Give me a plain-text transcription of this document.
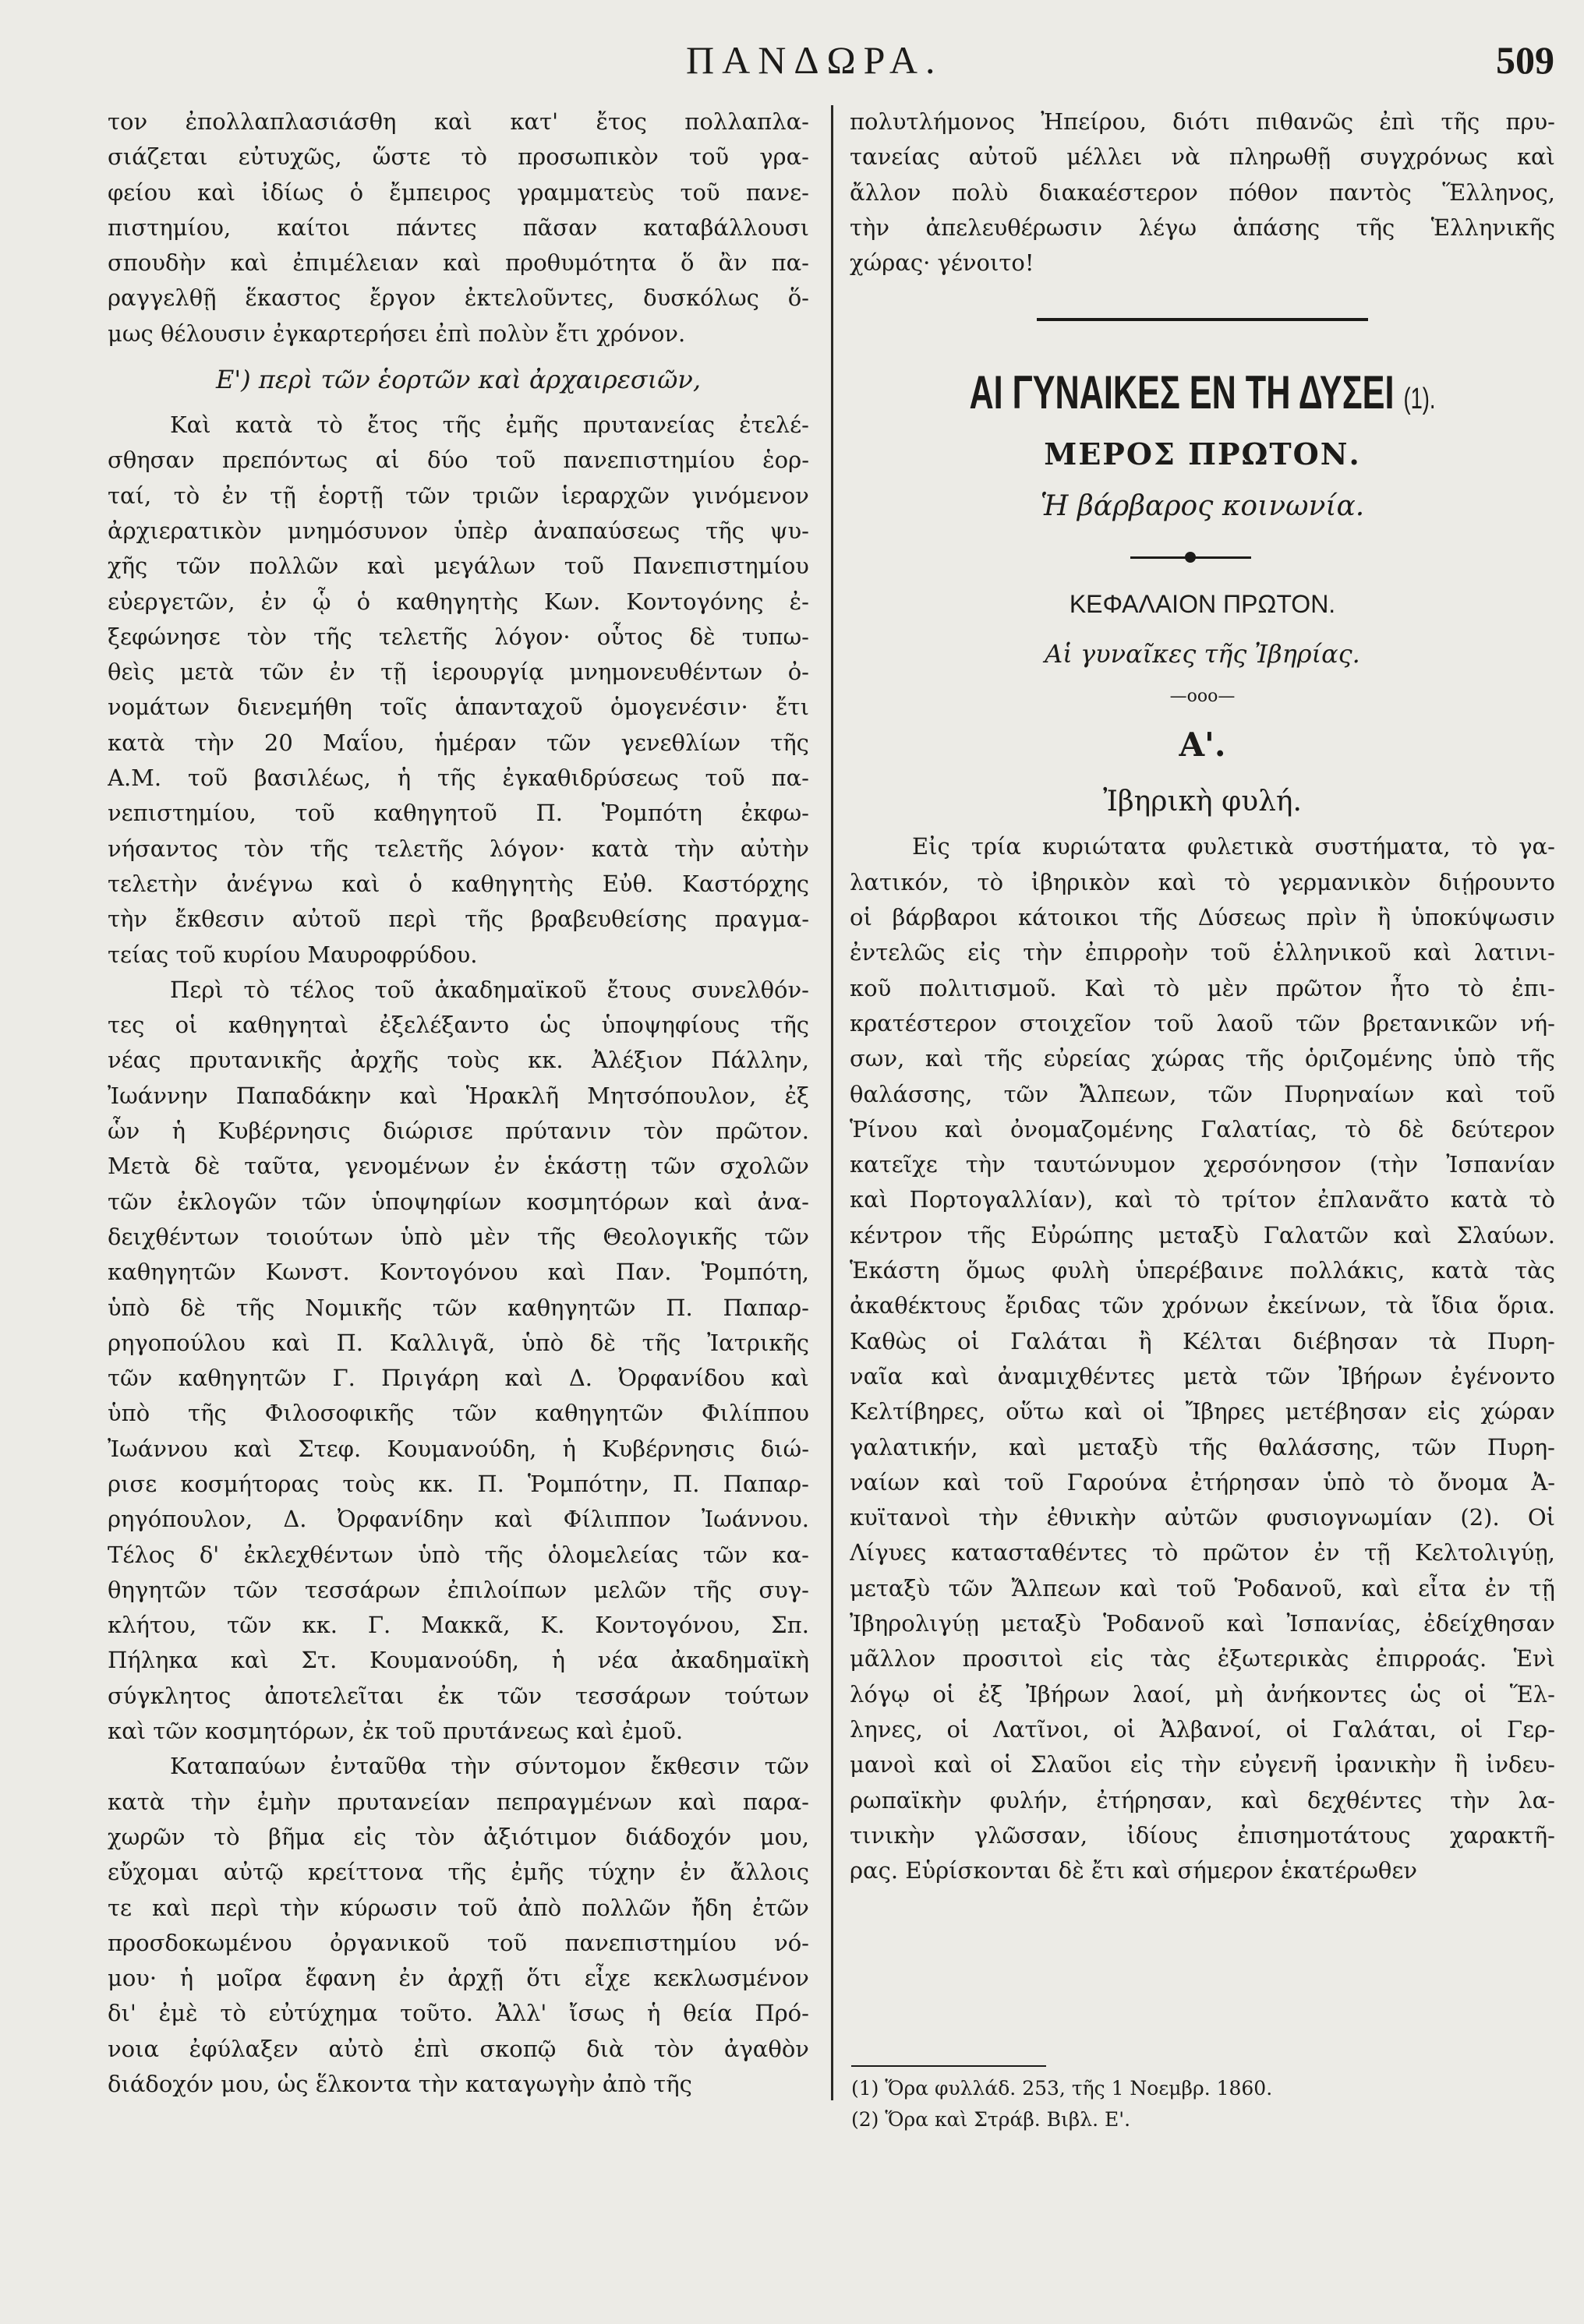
ΠΑΝΔΩΡΑ.	509
τον ἐπολλαπλασιάσθη καὶ κατ' ἔτος πολλαπλα-
σιάζεται εὐτυχῶς, ὥστε τὸ προσωπικὸν τοῦ γρα-
φείου καὶ ἰδίως ὁ ἔμπειρος γραμματεὺς τοῦ πανε-
πιστημίου, καίτοι πάντες πᾶσαν καταβάλλουσι
σπουδὴν καὶ ἐπιμέλειαν καὶ προθυμότητα ὅ ἂν πα-
ραγγελθῇ ἕκαστος ἔργον ἐκτελοῦντες, δυσκόλως ὅ-
μως θέλουσιν ἐγκαρτερήσει ἐπὶ πολὺν ἔτι χρόνον.
Ε') περὶ τῶν ἑορτῶν καὶ ἀρχαιρεσιῶν,
Καὶ κατὰ τὸ ἔτος τῆς ἐμῆς πρυτανείας ἐτελέ-
σθησαν πρεπόντως αἱ δύο τοῦ πανεπιστημίου ἑορ-
ταί, τὸ ἐν τῇ ἑορτῇ τῶν τριῶν ἱεραρχῶν γινόμενον
ἀρχιερατικὸν μνημόσυνον ὑπὲρ ἀναπαύσεως τῆς ψυ-
χῆς τῶν πολλῶν καὶ μεγάλων τοῦ Πανεπιστημίου
εὐεργετῶν, ἐν ᾧ ὁ καθηγητὴς Κων. Κοντογόνης ἐ-
ξεφώνησε τὸν τῆς τελετῆς λόγον· οὗτος δὲ τυπω-
θεὶς μετὰ τῶν ἐν τῇ ἱερουργίᾳ μνημονευθέντων ὀ-
νομάτων διενεμήθη τοῖς ἁπανταχοῦ ὁμογενέσιν· ἔτι
κατὰ τὴν 20 Μαΐου, ἡμέραν τῶν γενεθλίων τῆς
Α.Μ. τοῦ βασιλέως, ἡ τῆς ἐγκαθιδρύσεως τοῦ πα-
νεπιστημίου, τοῦ καθηγητοῦ Π. Ῥομπότη ἐκφω-
νήσαντος τὸν τῆς τελετῆς λόγον· κατὰ τὴν αὐτὴν
τελετὴν ἀνέγνω καὶ ὁ καθηγητὴς Εὐθ. Καστόρχης
τὴν ἔκθεσιν αὐτοῦ περὶ τῆς βραβευθείσης πραγμα-
τείας τοῦ κυρίου Μαυροφρύδου.
Περὶ τὸ τέλος τοῦ ἀκαδημαϊκοῦ ἔτους συνελθόν-
τες οἱ καθηγηταὶ ἐξελέξαντο ὡς ὑποψηφίους τῆς
νέας πρυτανικῆς ἀρχῆς τοὺς κκ. Ἀλέξιον Πάλλην,
Ἰωάννην Παπαδάκην καὶ Ἡρακλῆ Μητσόπουλον, ἐξ
ὧν ἡ Κυβέρνησις διώρισε πρύτανιν τὸν πρῶτον.
Μετὰ δὲ ταῦτα, γενομένων ἐν ἑκάστῃ τῶν σχολῶν
τῶν ἐκλογῶν τῶν ὑποψηφίων κοσμητόρων καὶ ἀνα-
δειχθέντων τοιούτων ὑπὸ μὲν τῆς Θεολογικῆς τῶν
καθηγητῶν Κωνστ. Κοντογόνου καὶ Παν. Ῥομπότη,
ὑπὸ δὲ τῆς Νομικῆς τῶν καθηγητῶν Π. Παπαρ-
ρηγοπούλου καὶ Π. Καλλιγᾶ, ὑπὸ δὲ τῆς Ἰατρικῆς
τῶν καθηγητῶν Γ. Πριγάρη καὶ Δ. Ὀρφανίδου καὶ
ὑπὸ τῆς Φιλοσοφικῆς τῶν καθηγητῶν Φιλίππου
Ἰωάννου καὶ Στεφ. Κουμανούδη, ἡ Κυβέρνησις διώ-
ρισε κοσμήτορας τοὺς κκ. Π. Ῥομπότην, Π. Παπαρ-
ρηγόπουλον, Δ. Ὀρφανίδην καὶ Φίλιππον Ἰωάννου.
Τέλος δ' ἐκλεχθέντων ὑπὸ τῆς ὁλομελείας τῶν κα-
θηγητῶν τῶν τεσσάρων ἐπιλοίπων μελῶν τῆς συγ-
κλήτου, τῶν κκ. Γ. Μακκᾶ, Κ. Κοντογόνου, Σπ.
Πήληκα καὶ Στ. Κουμανούδη, ἡ νέα ἀκαδημαϊκὴ
σύγκλητος ἀποτελεῖται ἐκ τῶν τεσσάρων τούτων
καὶ τῶν κοσμητόρων, ἐκ τοῦ πρυτάνεως καὶ ἐμοῦ.
Καταπαύων ἐνταῦθα τὴν σύντομον ἔκθεσιν τῶν
κατὰ τὴν ἐμὴν πρυτανείαν πεπραγμένων καὶ παρα-
χωρῶν τὸ βῆμα εἰς τὸν ἀξιότιμον διάδοχόν μου,
εὔχομαι αὐτῷ κρείττονα τῆς ἐμῆς τύχην ἐν ἄλλοις
τε καὶ περὶ τὴν κύρωσιν τοῦ ἀπὸ πολλῶν ἤδη ἐτῶν
προσδοκωμένου ὀργανικοῦ τοῦ πανεπιστημίου νό-
μου· ἡ μοῖρα ἔφανη ἐν ἀρχῇ ὅτι εἶχε κεκλωσμένον
δι' ἐμὲ τὸ εὐτύχημα τοῦτο. Ἀλλ' ἴσως ἡ θεία Πρό-
νοια ἐφύλαξεν αὐτὸ ἐπὶ σκοπῷ διὰ τὸν ἀγαθὸν
διάδοχόν μου, ὡς ἕλκοντα τὴν καταγωγὴν ἀπὸ τῆς
πολυτλήμονος Ἠπείρου, διότι πιθανῶς ἐπὶ τῆς πρυ-
τανείας αὐτοῦ μέλλει νὰ πληρωθῇ συγχρόνως καὶ
ἄλλον πολὺ διακαέστερον πόθον παντὸς Ἕλληνος,
τὴν ἀπελευθέρωσιν λέγω ἁπάσης τῆς Ἑλληνικῆς
χώρας· γένοιτο!
ΑΙ ΓΥΝΑΙΚΕΣ ΕΝ ΤΗ ΔΥΣΕΙ (1).
ΜΕΡΟΣ ΠΡΩΤΟΝ.
Ἡ βάρβαρος κοινωνία.
ΚΕΦΑΛΑΙΟΝ ΠΡΩΤΟΝ.
Αἱ γυναῖκες τῆς Ἰβηρίας.
—ooo—
Α'.
Ἰβηρικὴ φυλή.
Εἰς τρία κυριώτατα φυλετικὰ συστήματα, τὸ γα-
λατικόν, τὸ ἰβηρικὸν καὶ τὸ γερμανικὸν διῄρουντο
οἱ βάρβαροι κάτοικοι τῆς Δύσεως πρὶν ἢ ὑποκύψωσιν
ἐντελῶς εἰς τὴν ἐπιρροὴν τοῦ ἑλληνικοῦ καὶ λατινι-
κοῦ πολιτισμοῦ. Καὶ τὸ μὲν πρῶτον ἦτο τὸ ἐπι-
κρατέστερον στοιχεῖον τοῦ λαοῦ τῶν βρετανικῶν νή-
σων, καὶ τῆς εὐρείας χώρας τῆς ὁριζομένης ὑπὸ τῆς
θαλάσσης, τῶν Ἄλπεων, τῶν Πυρηναίων καὶ τοῦ
Ῥίνου καὶ ὀνομαζομένης Γαλατίας, τὸ δὲ δεύτερον
κατεῖχε τὴν ταυτώνυμον χερσόνησον (τὴν Ἰσπανίαν
καὶ Πορτογαλλίαν), καὶ τὸ τρίτον ἐπλανᾶτο κατὰ τὸ
κέντρον τῆς Εὐρώπης μεταξὺ Γαλατῶν καὶ Σλαύων.
Ἑκάστη ὅμως φυλὴ ὑπερέβαινε πολλάκις, κατὰ τὰς
ἀκαθέκτους ἔριδας τῶν χρόνων ἐκείνων, τὰ ἴδια ὅρια.
Καθὼς οἱ Γαλάται ἢ Κέλται διέβησαν τὰ Πυρη-
ναῖα καὶ ἀναμιχθέντες μετὰ τῶν Ἰβήρων ἐγένοντο
Κελτίβηρες, οὕτω καὶ οἱ Ἴβηρες μετέβησαν εἰς χώραν
γαλατικήν, καὶ μεταξὺ τῆς θαλάσσης, τῶν Πυρη-
ναίων καὶ τοῦ Γαρούνα ἐτήρησαν ὑπὸ τὸ ὄνομα Ἀ-
κυϊτανοὶ τὴν ἐθνικὴν αὐτῶν φυσιογνωμίαν (2). Οἱ
Λίγυες κατασταθέντες τὸ πρῶτον ἐν τῇ Κελτολιγύῃ,
μεταξὺ τῶν Ἄλπεων καὶ τοῦ Ῥοδανοῦ, καὶ εἶτα ἐν τῇ
Ἰβηρολιγύῃ μεταξὺ Ῥοδανοῦ καὶ Ἰσπανίας, ἐδείχθησαν
μᾶλλον προσιτοὶ εἰς τὰς ἐξωτερικὰς ἐπιρροάς. Ἑνὶ
λόγῳ οἱ ἐξ Ἰβήρων λαοί, μὴ ἀνήκοντες ὡς οἱ Ἕλ-
ληνες, οἱ Λατῖνοι, οἱ Ἀλβανοί, οἱ Γαλάται, οἱ Γερ-
μανοὶ καὶ οἱ Σλαῦοι εἰς τὴν εὐγενῆ ἰρανικὴν ἢ ἰνδευ-
ρωπαϊκὴν φυλήν, ἐτήρησαν, καὶ δεχθέντες τὴν λα-
τινικὴν γλῶσσαν, ἰδίους ἐπισημοτάτους χαρακτῆ-
ρας. Εὑρίσκονται δὲ ἔτι καὶ σήμερον ἑκατέρωθεν
(1) Ὅρα φυλλάδ. 253, τῆς 1 Νοεμβρ. 1860.
(2) Ὅρα καὶ Στράβ. Βιβλ. Ε'.
